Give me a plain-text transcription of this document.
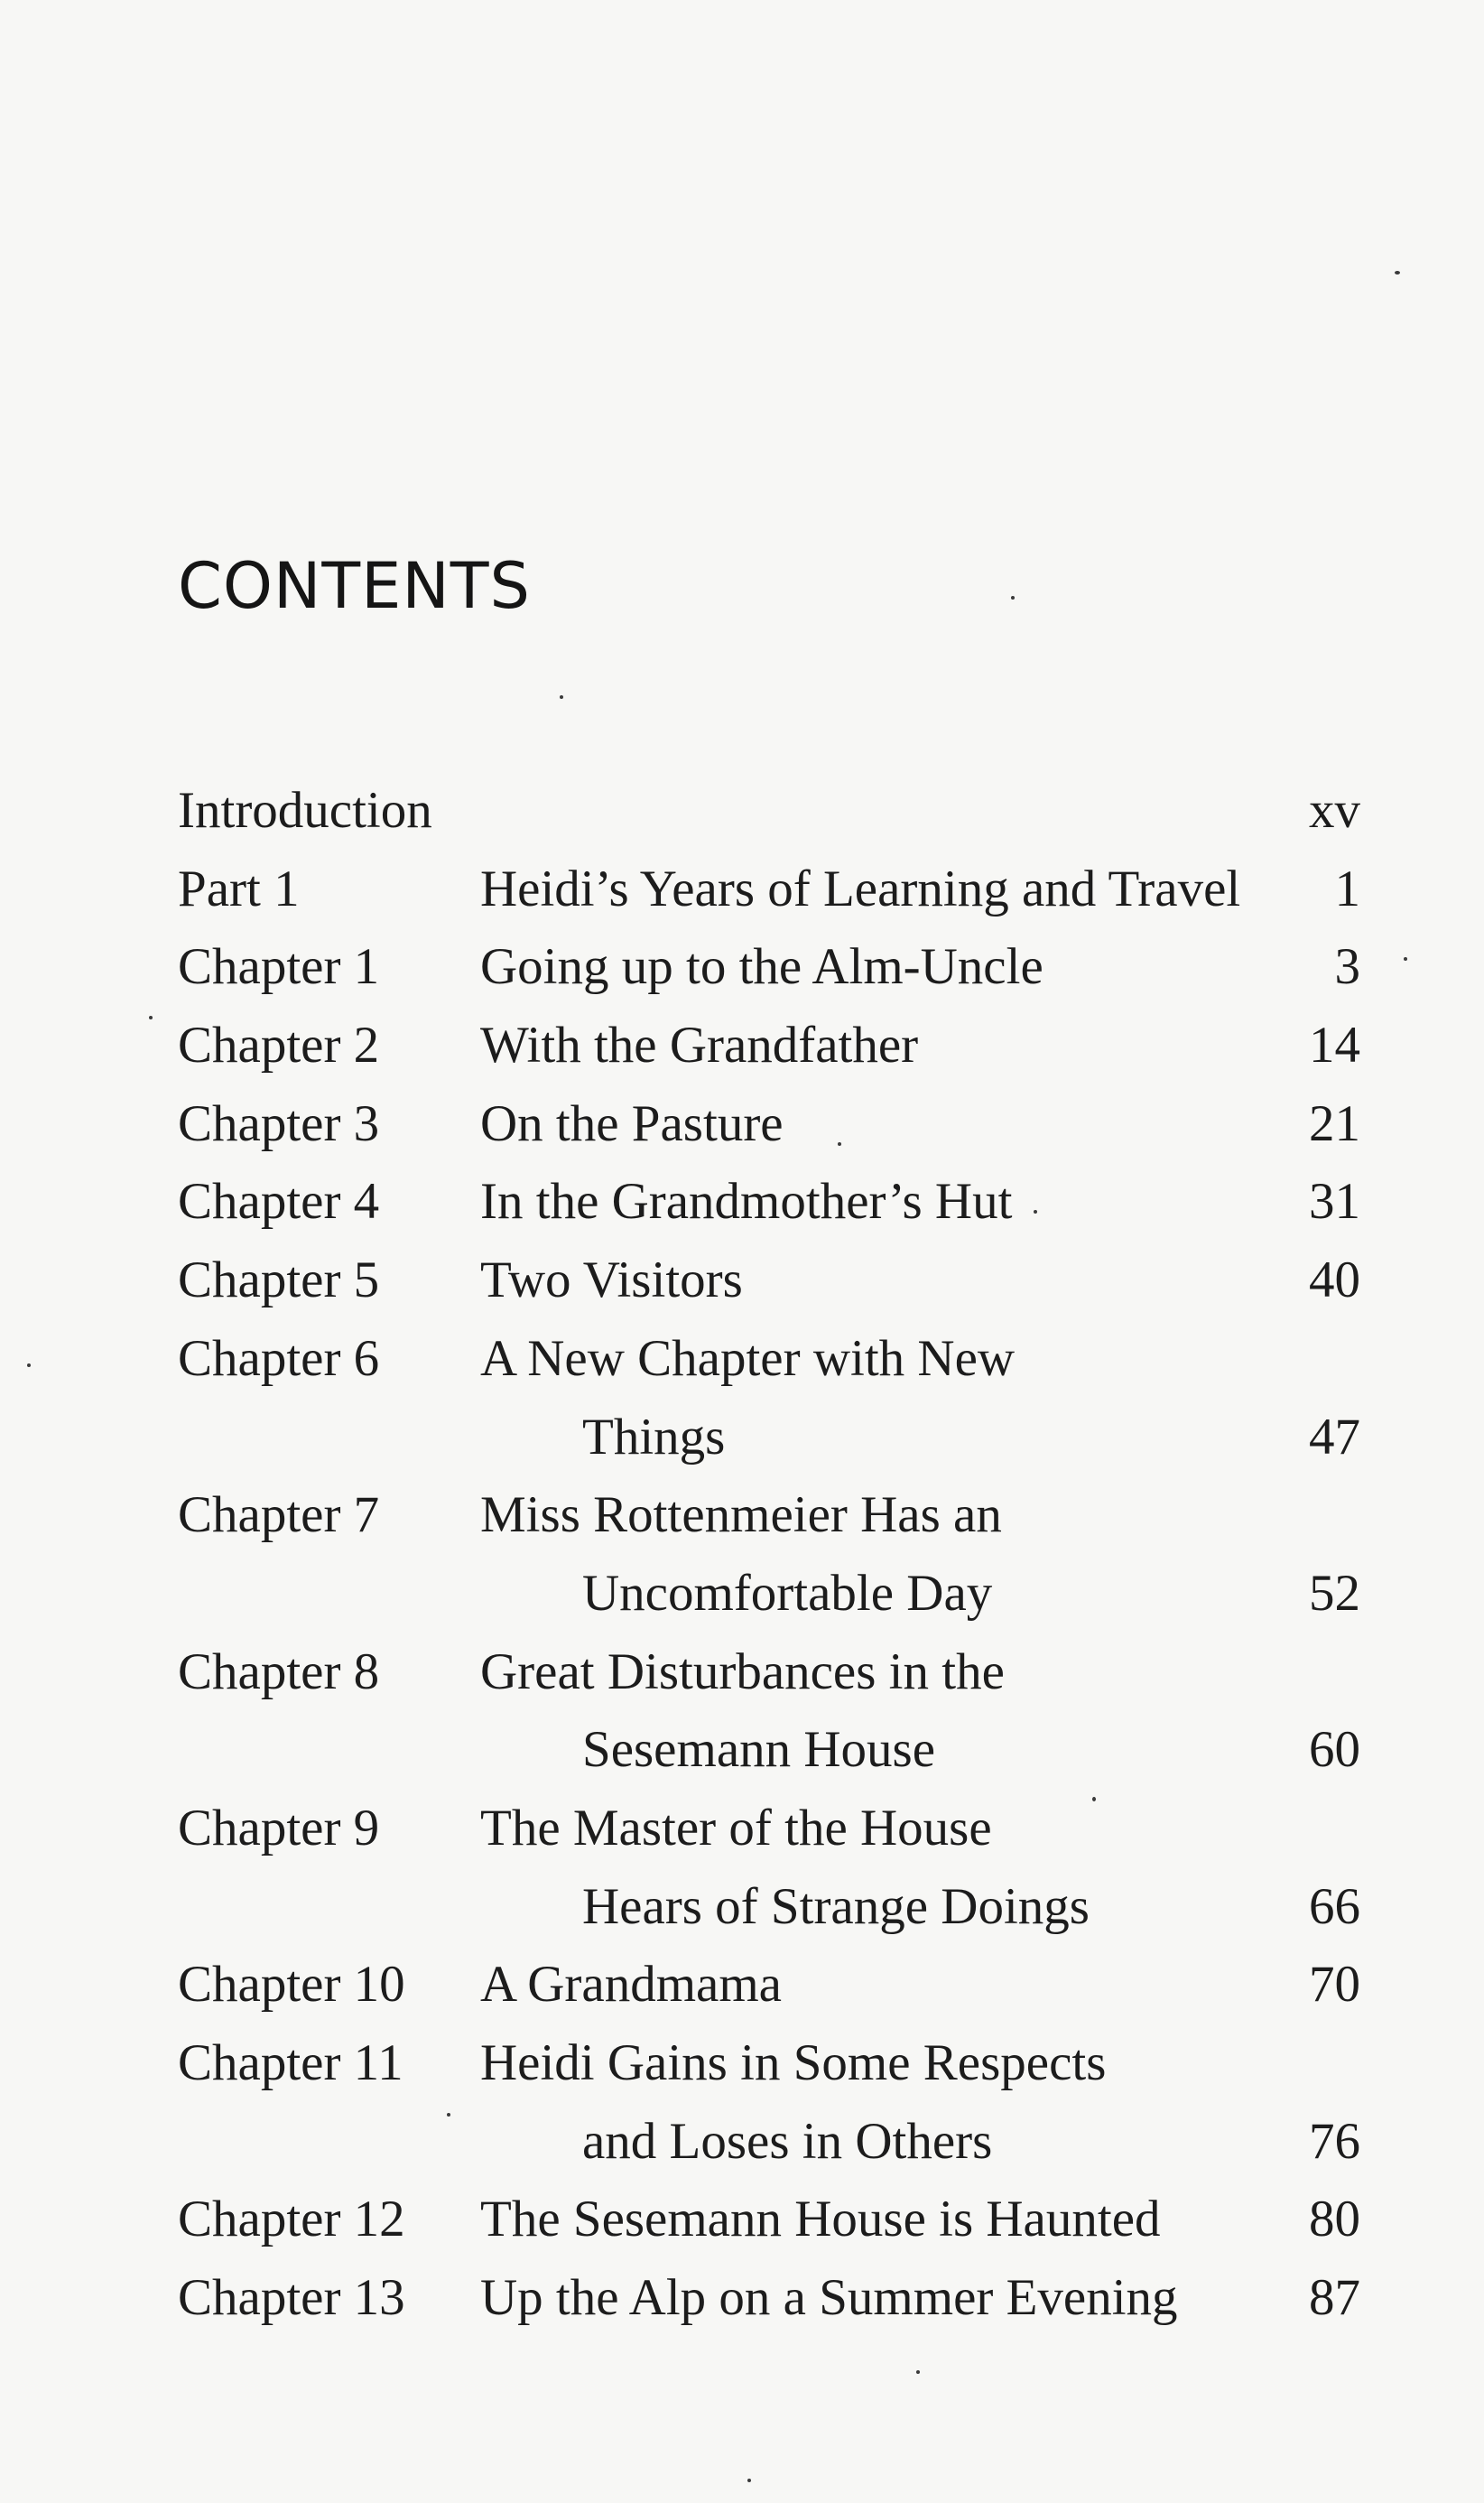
CONTENTS
Introduction	xv
Part 1	Heidi’s Years of Learning and Travel 1
Chapter 1 Going up to the Alm-Uncle	3
Chapter 2 With the Grandfather	14
Chapter 3 On the Pasture	21
Chapter 4 In the Grandmother’s Hut	31
Chapter 5 Two Visitors	40
Chapter 6 A New Chapter with New
Things	47
Chapter 7 Miss Rottenmeier Has an
Uncomfortable Day	52
Chapter 8 Great Disturbances in the
Sesemann House	60
Chapter 9 The Master of the House
Hears of Strange Doings	66
Chapter 10 A Grandmama	70
Chapter 11 Heidi Gains in Some Respects
and Loses in Others	76
Chapter 12 The Sesemann House is Haunted	80
Chapter 13 Up the Alp on a Summer Evening	87
